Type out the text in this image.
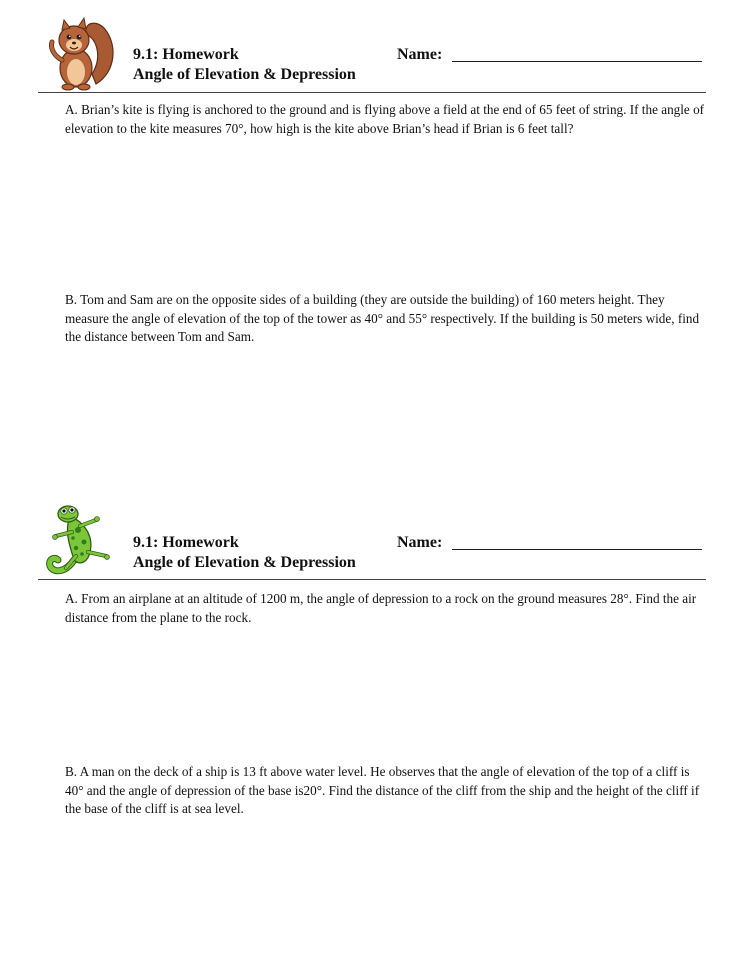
9.1: Homework
Angle of Elevation & Depression
Name:
A. Brian’s kite is flying is anchored to the ground and is flying above a field at the end of 65 feet of string. If the angle of elevation to the kite measures 70°, how high is the kite above Brian’s head if Brian is 6 feet tall?
B. Tom and Sam are on the opposite sides of a building (they are outside the building) of 160 meters height. They measure the angle of elevation of the top of the tower as 40° and 55° respectively. If the building is 50 meters wide, find the distance between Tom and Sam.
9.1: Homework
Angle of Elevation & Depression
Name:
A. From an airplane at an altitude of 1200 m, the angle of depression to a rock on the ground measures 28°. Find the air distance from the plane to the rock.
B. A man on the deck of a ship is 13 ft above water level. He observes that the angle of elevation of the top of a cliff is 40° and the angle of depression of the base is20°. Find the distance of the cliff from the ship and the height of the cliff if the base of the cliff is at sea level.
